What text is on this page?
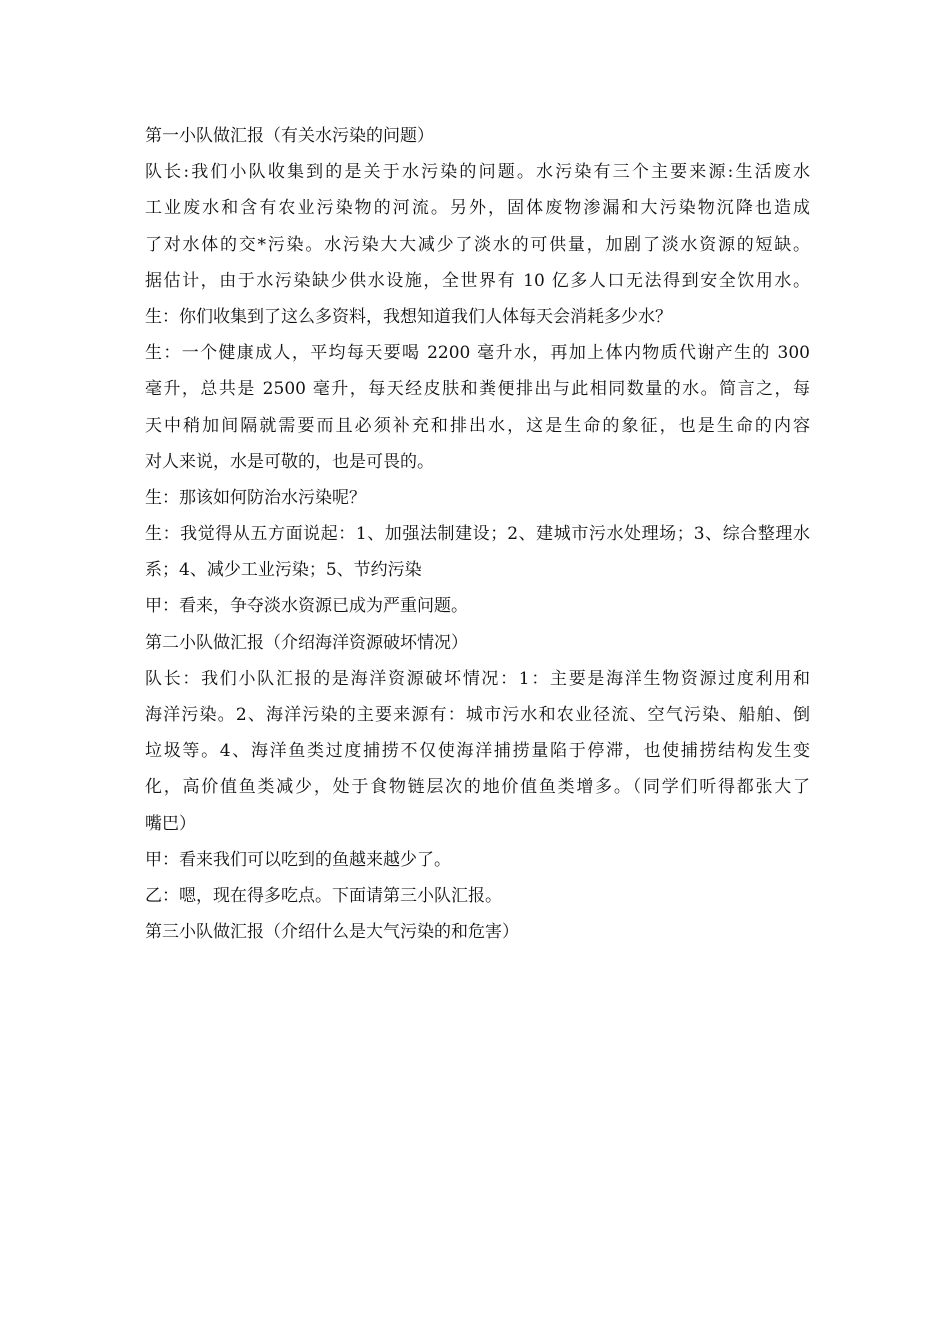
第一小队做汇报（有关水污染的问题）
队长:我们小队收集到的是关于水污染的问题。水污染有三个主要来源:生活废水
工业废水和含有农业污染物的河流。另外，固体废物渗漏和大污染物沉降也造成
了对水体的交*污染。水污染大大减少了淡水的可供量，加剧了淡水资源的短缺。
据估计，由于水污染缺少供水设施，全世界有 10 亿多人口无法得到安全饮用水。
生：你们收集到了这么多资料，我想知道我们人体每天会消耗多少水？
生：一个健康成人，平均每天要喝 2200 毫升水，再加上体内物质代谢产生的 300
毫升，总共是 2500 毫升，每天经皮肤和粪便排出与此相同数量的水。简言之，每
天中稍加间隔就需要而且必须补充和排出水，这是生命的象征，也是生命的内容
对人来说，水是可敬的，也是可畏的。
生：那该如何防治水污染呢？
生：我觉得从五方面说起：1、加强法制建设；2、建城市污水处理场；3、综合整理水
系；4、减少工业污染；5、节约污染
甲：看来，争夺淡水资源已成为严重问题。
第二小队做汇报（介绍海洋资源破坏情况）
队长：我们小队汇报的是海洋资源破坏情况：1：主要是海洋生物资源过度利用和
海洋污染。2、海洋污染的主要来源有：城市污水和农业径流、空气污染、船舶、倒
垃圾等。4、海洋鱼类过度捕捞不仅使海洋捕捞量陷于停滞，也使捕捞结构发生变
化，高价值鱼类减少，处于食物链层次的地价值鱼类增多。（同学们听得都张大了
嘴巴）
甲：看来我们可以吃到的鱼越来越少了。
乙：嗯，现在得多吃点。下面请第三小队汇报。
第三小队做汇报（介绍什么是大气污染的和危害）
